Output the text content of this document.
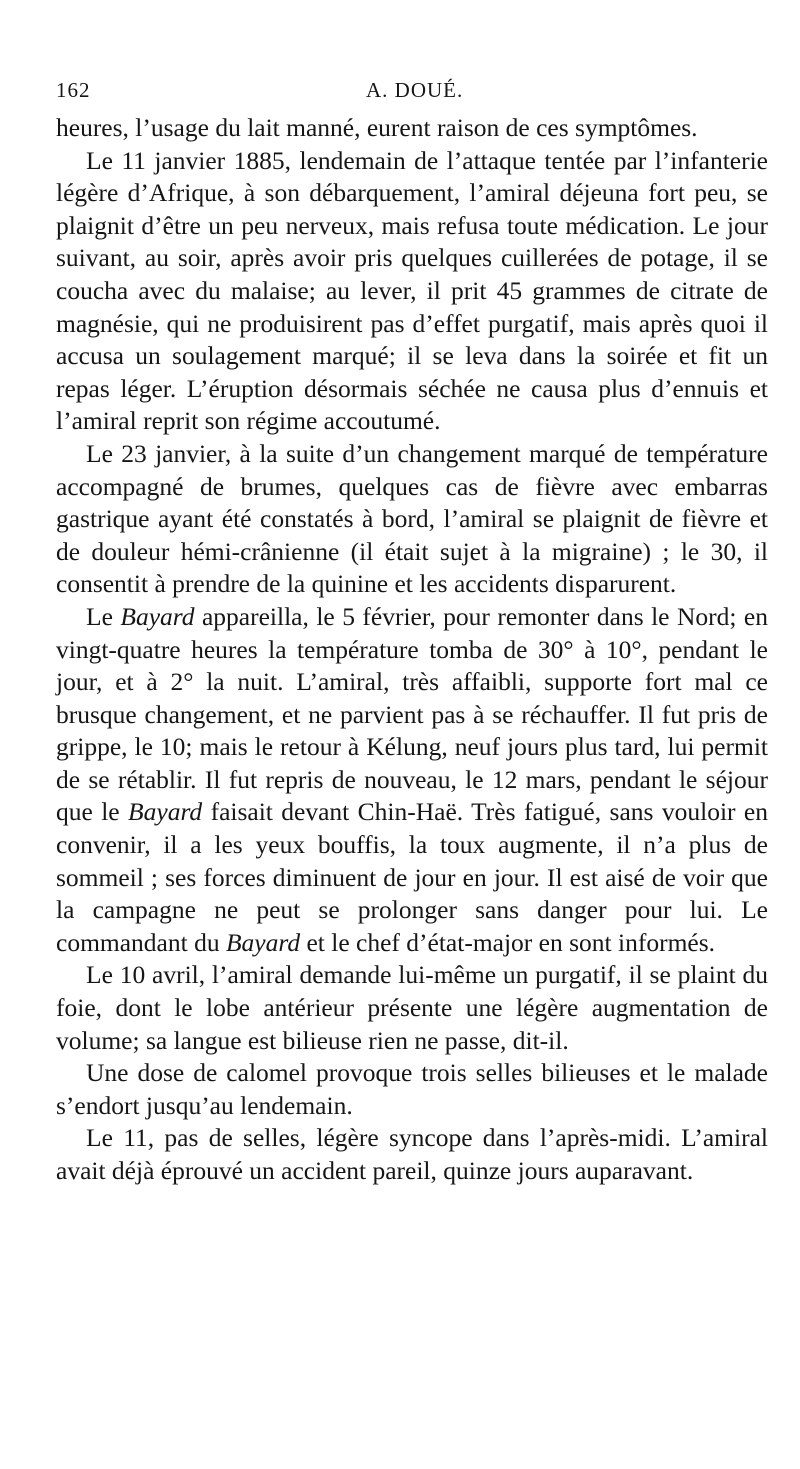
162	A. DOUÉ.

heures, l’usage du lait manné, eurent raison de ces symptômes.

Le 11 janvier 1885, lendemain de l’attaque tentée par l’infanterie légère d’Afrique, à son débarquement, l’amiral déjeuna fort peu, se plaignit d’être un peu nerveux, mais refusa toute médication. Le jour suivant, au soir, après avoir pris quelques cuillerées de potage, il se coucha avec du malaise; au lever, il prit 45 grammes de citrate de magnésie, qui ne produisirent pas d’effet purgatif, mais après quoi il accusa un soulagement marqué; il se leva dans la soirée et fit un repas léger. L’éruption désormais séchée ne causa plus d’ennuis et l’amiral reprit son régime accoutumé.

Le 23 janvier, à la suite d’un changement marqué de température accompagné de brumes, quelques cas de fièvre avec embarras gastrique ayant été constatés à bord, l’amiral se plaignit de fièvre et de douleur hémi-crânienne (il était sujet à la migraine) ; le 30, il consentit à prendre de la quinine et les accidents disparurent.

Le Bayard appareilla, le 5 février, pour remonter dans le Nord; en vingt-quatre heures la température tomba de 30° à 10°, pendant le jour, et à 2° la nuit. L’amiral, très affaibli, supporte fort mal ce brusque changement, et ne parvient pas à se réchauffer. Il fut pris de grippe, le 10; mais le retour à Kélung, neuf jours plus tard, lui permit de se rétablir. Il fut repris de nouveau, le 12 mars, pendant le séjour que le Bayard faisait devant Chin-Haë. Très fatigué, sans vouloir en convenir, il a les yeux bouffis, la toux augmente, il n’a plus de sommeil ; ses forces diminuent de jour en jour. Il est aisé de voir que la campagne ne peut se prolonger sans danger pour lui. Le commandant du Bayard et le chef d’état-major en sont informés.

Le 10 avril, l’amiral demande lui-même un purgatif, il se plaint du foie, dont le lobe antérieur présente une légère augmentation de volume; sa langue est bilieuse rien ne passe, dit-il.

Une dose de calomel provoque trois selles bilieuses et le malade s’endort jusqu’au lendemain.

Le 11, pas de selles, légère syncope dans l’après-midi. L’amiral avait déjà éprouvé un accident pareil, quinze jours auparavant.
